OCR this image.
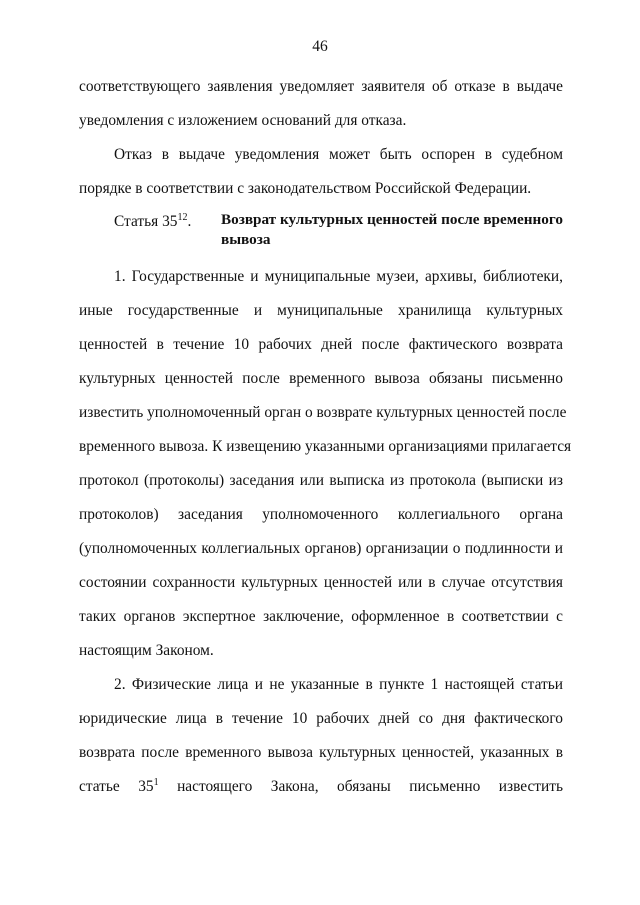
46
соответствующего заявления уведомляет заявителя об отказе в выдаче
уведомления с изложением оснований для отказа.
Отказ в выдаче уведомления может быть оспорен в судебном
порядке в соответствии с законодательством Российской Федерации.
Статья $35^{12}$. Возврат культурных ценностей после временного
вывоза
1. Государственные и муниципальные музеи, архивы, библиотеки,
иные государственные и муниципальные хранилища культурных
ценностей в течение 10 рабочих дней после фактического возврата
культурных ценностей после временного вывоза обязаны письменно
известить уполномоченный орган о возврате культурных ценностей после
временного вывоза. К извещению указанными организациями прилагается
протокол (протоколы) заседания или выписка из протокола (выписки из
протоколов) заседания уполномоченного коллегиального органа
(уполномоченных коллегиальных органов) организации о подлинности и
состоянии сохранности культурных ценностей или в случае отсутствия
таких органов экспертное заключение, оформленное в соответствии с
настоящим Законом.
2. Физические лица и не указанные в пункте 1 настоящей статьи
юридические лица в течение 10 рабочих дней со дня фактического
возврата после временного вывоза культурных ценностей, указанных в
статье 35$^1$ настоящего Закона, обязаны письменно известить
